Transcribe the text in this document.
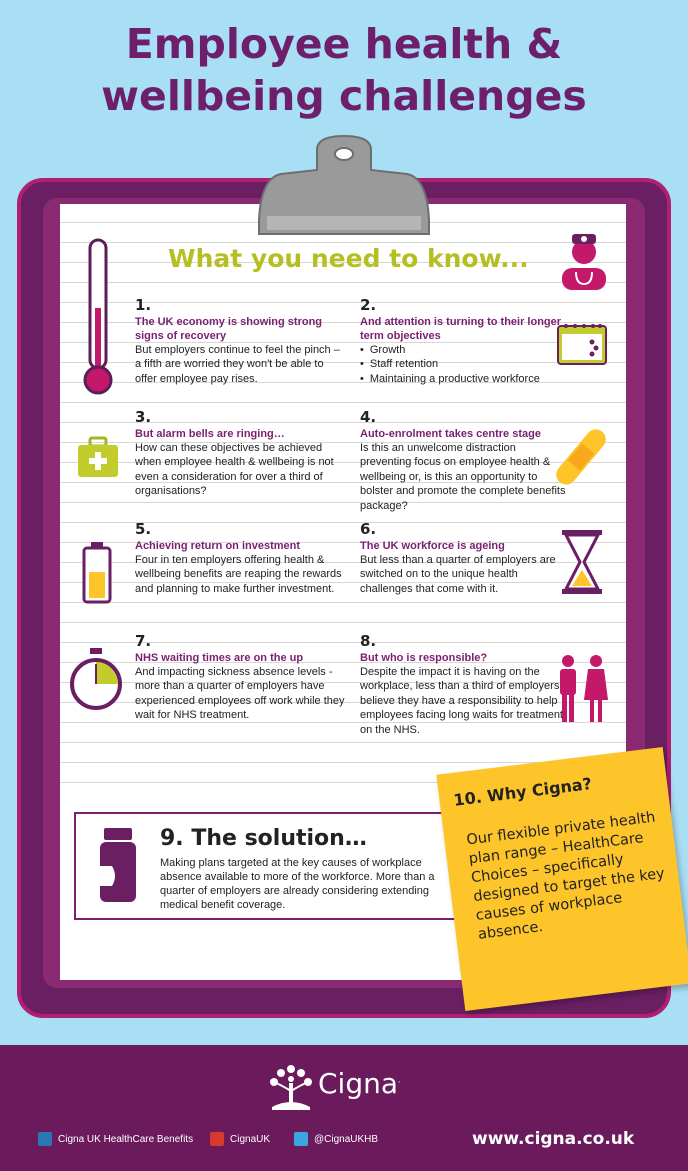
Employee health &
wellbeing challenges
What you need to know...
1.
The UK economy is showing strong signs of recovery
But employers continue to feel the pinch – a fifth are worried they won't be able to offer employee pay rises.
2.
And attention is turning to their longer term objectives
• Growth
• Staff retention
• Maintaining a productive workforce
3.
But alarm bells are ringing…
How can these objectives be achieved when employee health & wellbeing is not even a consideration for over a third of organisations?
4.
Auto-enrolment takes centre stage
Is this an unwelcome distraction preventing focus on employee health & wellbeing or, is this an opportunity to bolster and promote the complete benefits package?
5.
Achieving return on investment
Four in ten employers offering health & wellbeing benefits are reaping the rewards and planning to make further investment.
6.
The UK workforce is ageing
But less than a quarter of employers are switched on to the unique health challenges that come with it.
7.
NHS waiting times are on the up
And impacting sickness absence levels - more than a quarter of employers have experienced employees off work while they wait for NHS treatment.
8.
But who is responsible?
Despite the impact it is having on the workplace, less than a third of employers believe they have a responsibility to help employees facing long waits for treatment on the NHS.
9. The solution…
Making plans targeted at the key causes of workplace absence available to more of the workforce. More than a quarter of employers are already considering extending medical benefit coverage.
10. Why Cigna?
Our flexible private health plan range – HealthCare Choices – specifically designed to target the key causes of workplace absence.
Cigna.
Cigna UK HealthCare Benefits	CignaUK	@CignaUKHB	www.cigna.co.uk
